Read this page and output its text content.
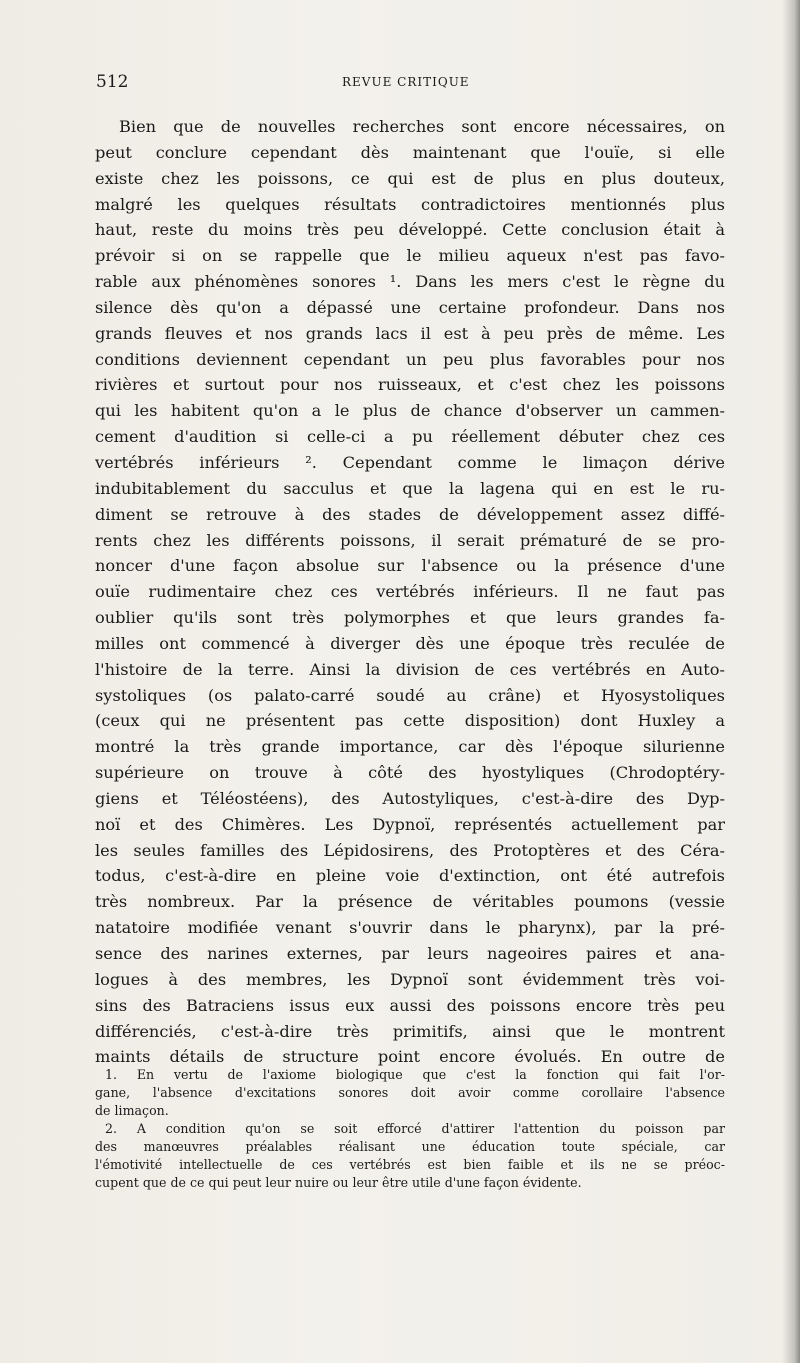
512	REVUE CRITIQUE
Bien que de nouvelles recherches sont encore nécessaires, on
peut conclure cependant dès maintenant que l'ouïe, si elle
existe chez les poissons, ce qui est de plus en plus douteux,
malgré les quelques résultats contradictoires mentionnés plus
haut, reste du moins très peu développé. Cette conclusion était à
prévoir si on se rappelle que le milieu aqueux n'est pas favo-
rable aux phénomènes sonores ¹. Dans les mers c'est le règne du
silence dès qu'on a dépassé une certaine profondeur. Dans nos
grands fleuves et nos grands lacs il est à peu près de même. Les
conditions deviennent cependant un peu plus favorables pour nos
rivières et surtout pour nos ruisseaux, et c'est chez les poissons
qui les habitent qu'on a le plus de chance d'observer un cammen-
cement d'audition si celle-ci a pu réellement débuter chez ces
vertébrés inférieurs ². Cependant comme le limaçon dérive
indubitablement du sacculus et que la lagena qui en est le ru-
diment se retrouve à des stades de développement assez diffé-
rents chez les différents poissons, il serait prématuré de se pro-
noncer d'une façon absolue sur l'absence ou la présence d'une
ouïe rudimentaire chez ces vertébrés inférieurs. Il ne faut pas
oublier qu'ils sont très polymorphes et que leurs grandes fa-
milles ont commencé à diverger dès une époque très reculée de
l'histoire de la terre. Ainsi la division de ces vertébrés en Auto-
systoliques (os palato-carré soudé au crâne) et Hyosystoliques
(ceux qui ne présentent pas cette disposition) dont Huxley a
montré la très grande importance, car dès l'époque silurienne
supérieure on trouve à côté des hyostyliques (Chrodoptéry-
giens et Téléostéens), des Autostyliques, c'est-à-dire des Dyp-
noï et des Chimères. Les Dypnoï, représentés actuellement par
les seules familles des Lépidosirens, des Protoptères et des Céra-
todus, c'est-à-dire en pleine voie d'extinction, ont été autrefois
très nombreux. Par la présence de véritables poumons (vessie
natatoire modifiée venant s'ouvrir dans le pharynx), par la pré-
sence des narines externes, par leurs nageoires paires et ana-
logues à des membres, les Dypnoï sont évidemment très voi-
sins des Batraciens issus eux aussi des poissons encore très peu
différenciés, c'est-à-dire très primitifs, ainsi que le montrent
maints détails de structure point encore évolués. En outre de
1. En vertu de l'axiome biologique que c'est la fonction qui fait l'or-
gane, l'absence d'excitations sonores doit avoir comme corollaire l'absence
de limaçon.
2. A condition qu'on se soit efforcé d'attirer l'attention du poisson par
des manœuvres préalables réalisant une éducation toute spéciale, car
l'émotivité intellectuelle de ces vertébrés est bien faible et ils ne se préoc-
cupent que de ce qui peut leur nuire ou leur être utile d'une façon évidente.
